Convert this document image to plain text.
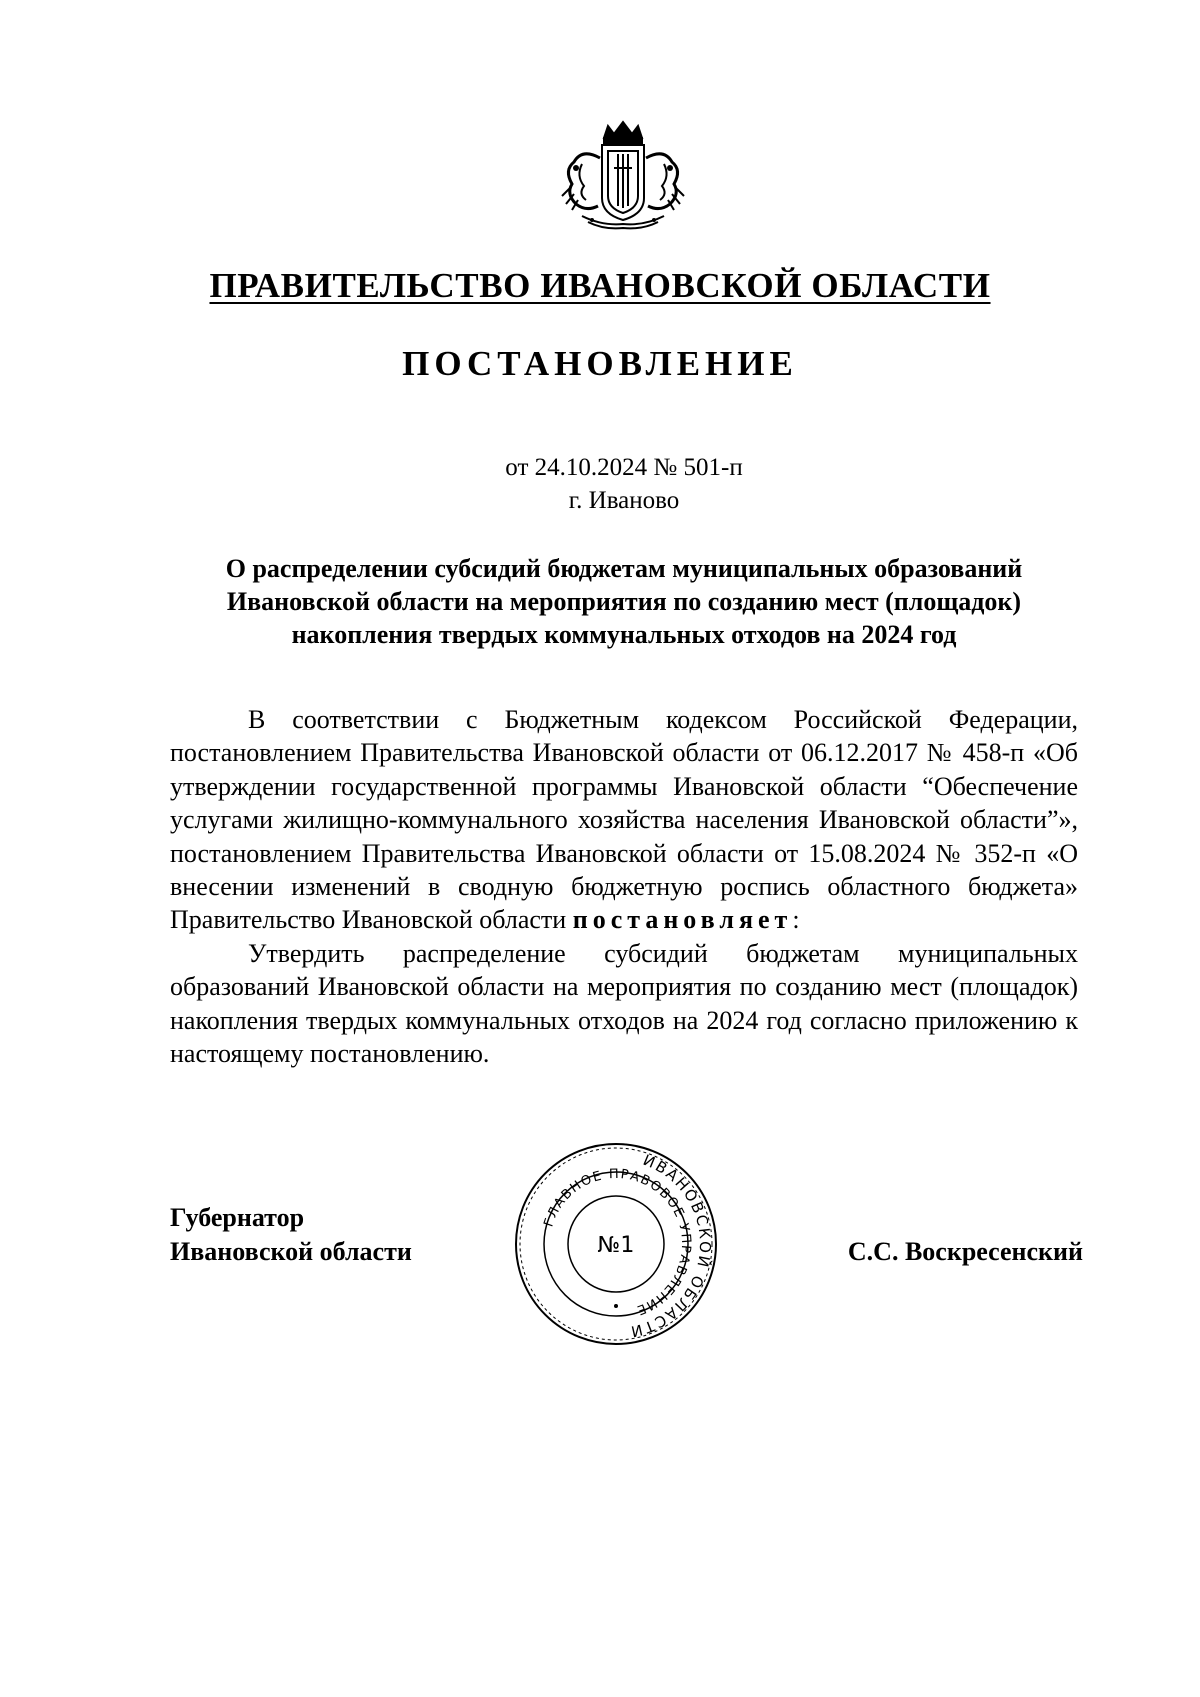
ПРАВИТЕЛЬСТВО ИВАНОВСКОЙ ОБЛАСТИ
ПОСТАНОВЛЕНИЕ
от 24.10.2024 № 501-п
г. Иваново
О распределении субсидий бюджетам муниципальных образований
Ивановской области на мероприятия по созданию мест (площадок)
накопления твердых коммунальных отходов на 2024 год

В соответствии с Бюджетным кодексом Российской Федерации, постановлением Правительства Ивановской области от 06.12.2017 № 458-п «Об утверждении государственной программы Ивановской области “Обеспечение услугами жилищно-коммунального хозяйства населения Ивановской области”», постановлением Правительства Ивановской области от 15.08.2024 № 352-п «О внесении изменений в сводную бюджетную роспись областного бюджета» Правительство Ивановской области постановляет:

Утвердить распределение субсидий бюджетам муниципальных образований Ивановской области на мероприятия по созданию мест (площадок) накопления твердых коммунальных отходов на 2024 год согласно приложению к настоящему постановлению.

Губернатор
Ивановской области
ИВАНОВСКОЙ ОБЛАСТИ
ГЛАВНОЕ ПРАВОВОЕ УПРАВЛЕНИЕ
№1	С.С. Воскресенский
